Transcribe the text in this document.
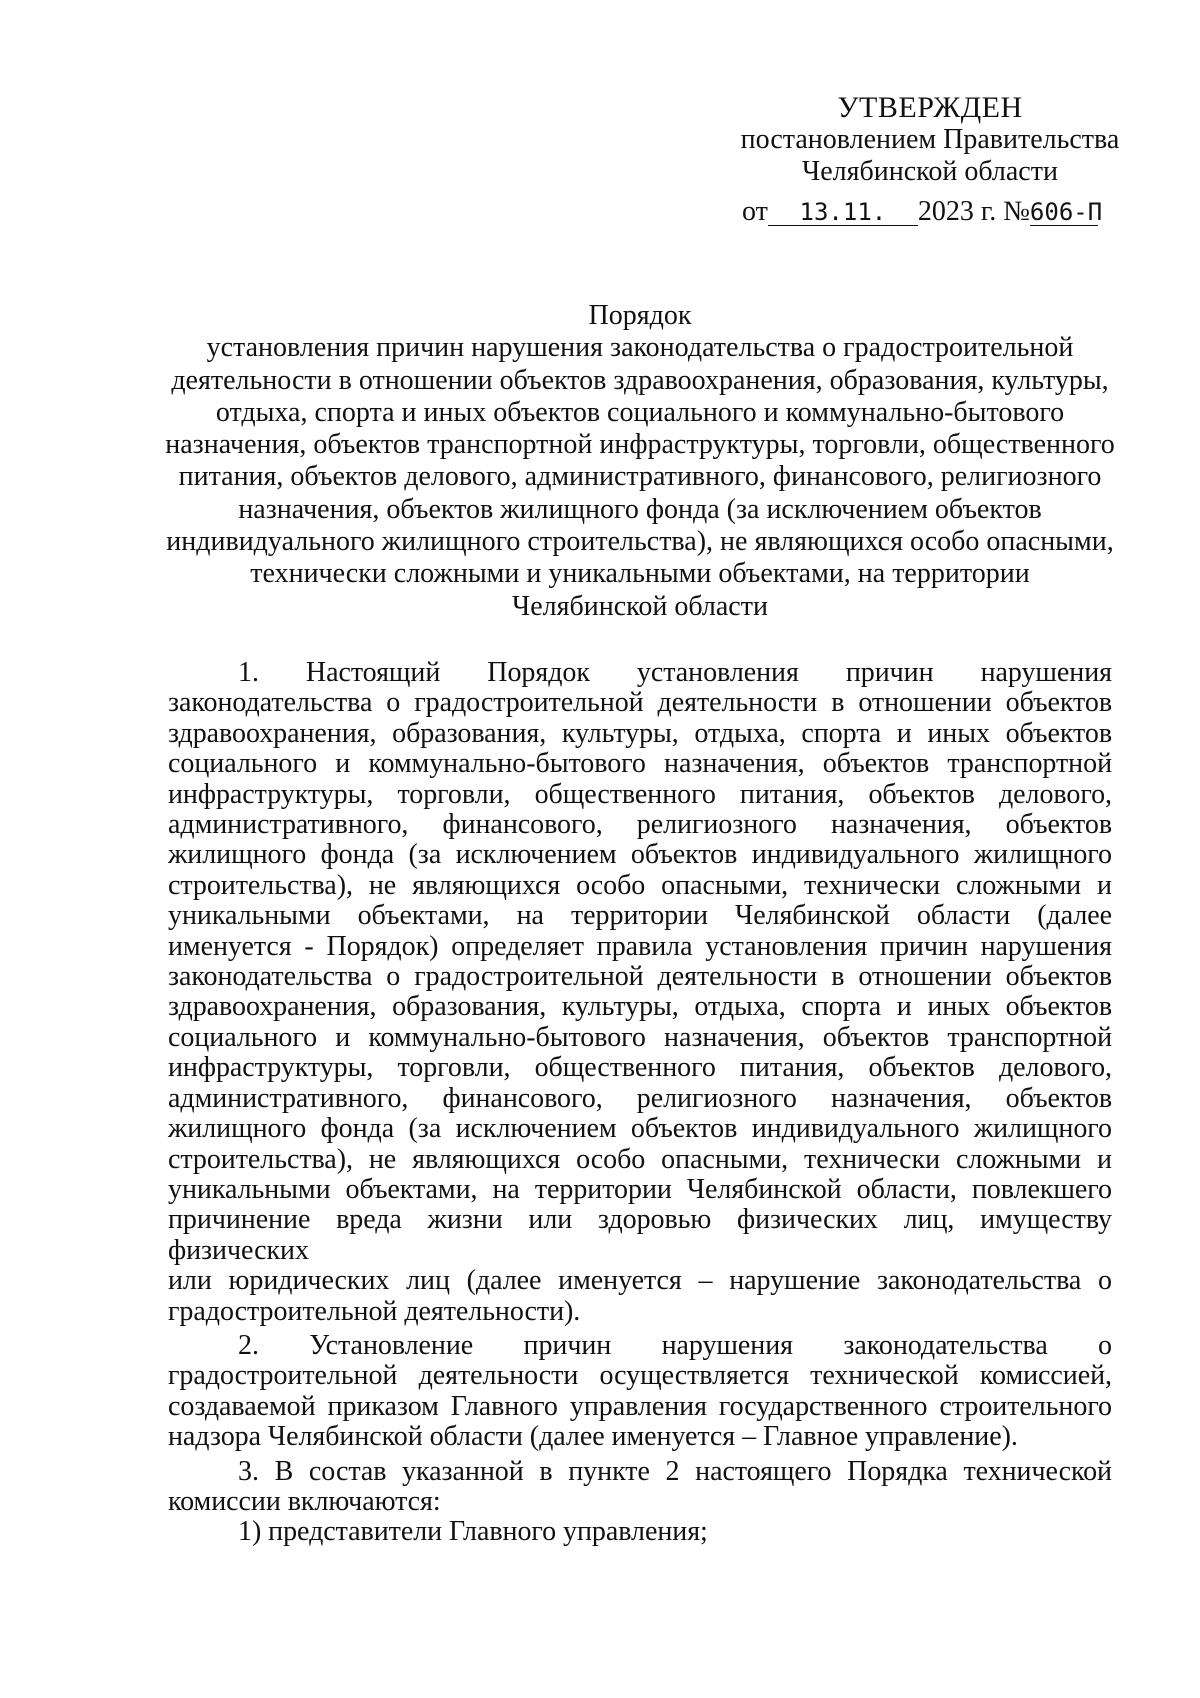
УТВЕРЖДЕН
постановлением Правительства
Челябинской области
от 13.11. 2023 г. №606-П
Порядок
установления причин нарушения законодательства о градостроительной
деятельности в отношении объектов здравоохранения, образования, культуры,
отдыха, спорта и иных объектов социального и коммунально-бытового
назначения, объектов транспортной инфраструктуры, торговли, общественного
питания, объектов делового, административного, финансового, религиозного
назначения, объектов жилищного фонда (за исключением объектов
индивидуального жилищного строительства), не являющихся особо опасными,
технически сложными и уникальными объектами, на территории
Челябинской области
1. Настоящий Порядок установления причин нарушения
законодательства о градостроительной деятельности в отношении объектов
здравоохранения, образования, культуры, отдыха, спорта и иных объектов
социального и коммунально-бытового назначения, объектов транспортной
инфраструктуры, торговли, общественного питания, объектов делового,
административного, финансового, религиозного назначения, объектов
жилищного фонда (за исключением объектов индивидуального жилищного
строительства), не являющихся особо опасными, технически сложными и
уникальными объектами, на территории Челябинской области (далее
именуется - Порядок) определяет правила установления причин нарушения
законодательства о градостроительной деятельности в отношении объектов
здравоохранения, образования, культуры, отдыха, спорта и иных объектов
социального и коммунально-бытового назначения, объектов транспортной
инфраструктуры, торговли, общественного питания, объектов делового,
административного, финансового, религиозного назначения, объектов
жилищного фонда (за исключением объектов индивидуального жилищного
строительства), не являющихся особо опасными, технически сложными и
уникальными объектами, на территории Челябинской области, повлекшего
причинение вреда жизни или здоровью физических лиц, имуществу физических
или юридических лиц (далее именуется – нарушение законодательства о
градостроительной деятельности).
2. Установление причин нарушения законодательства о
градостроительной деятельности осуществляется технической комиссией,
создаваемой приказом Главного управления государственного строительного
надзора Челябинской области (далее именуется – Главное управление).
3. В состав указанной в пункте 2 настоящего Порядка технической
комиссии включаются:
1) представители Главного управления;
